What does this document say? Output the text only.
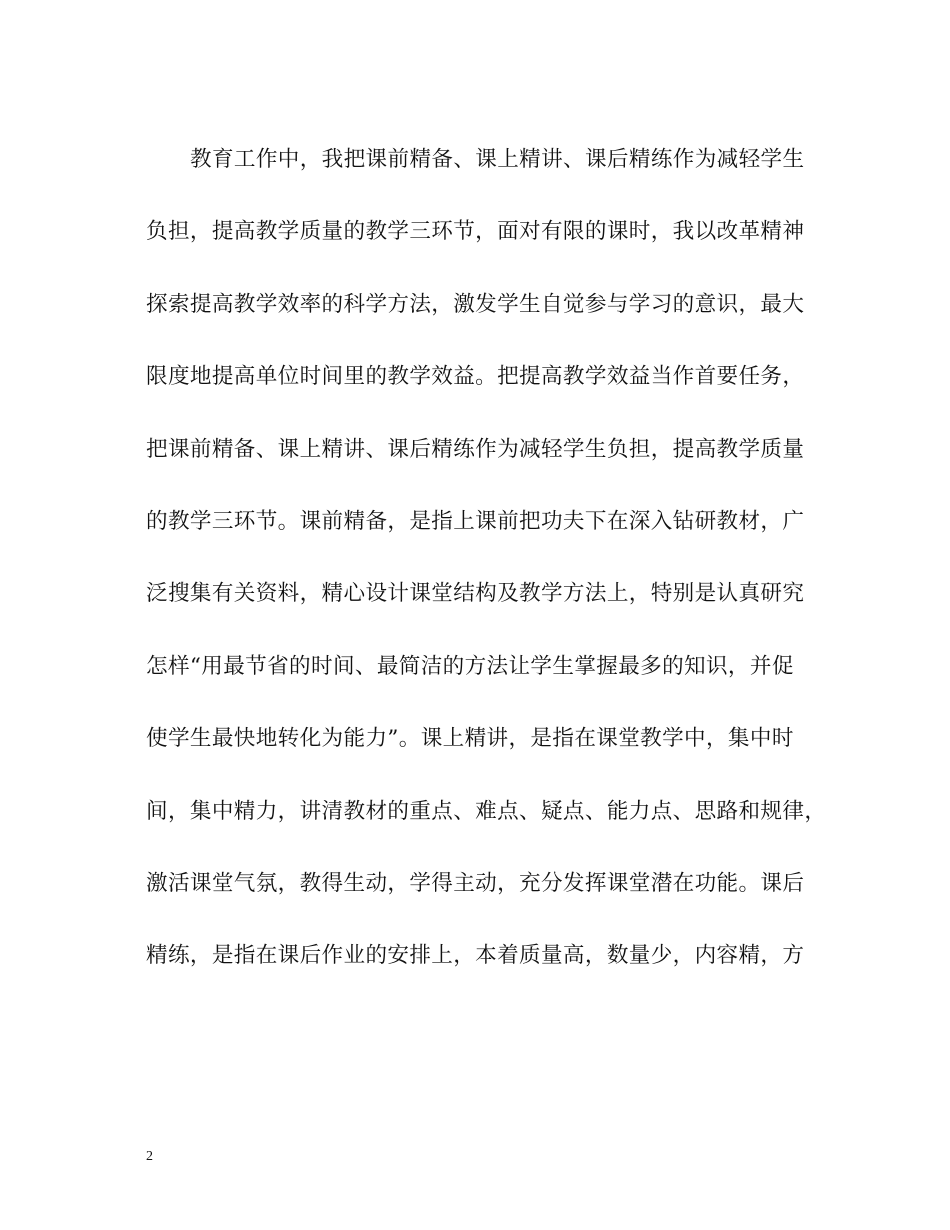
教育工作中，我把课前精备、课上精讲、课后精练作为减轻学生
负担，提高教学质量的教学三环节，面对有限的课时，我以改革精神
探索提高教学效率的科学方法，激发学生自觉参与学习的意识，最大
限度地提高单位时间里的教学效益。把提高教学效益当作首要任务，
把课前精备、课上精讲、课后精练作为减轻学生负担，提高教学质量
的教学三环节。课前精备，是指上课前把功夫下在深入钻研教材，广
泛搜集有关资料，精心设计课堂结构及教学方法上，特别是认真研究
怎样“用最节省的时间、最简洁的方法让学生掌握最多的知识，并促
使学生最快地转化为能力”。课上精讲，是指在课堂教学中，集中时
间，集中精力，讲清教材的重点、难点、疑点、能力点、思路和规律，
激活课堂气氛，教得生动，学得主动，充分发挥课堂潜在功能。课后
精练，是指在课后作业的安排上，本着质量高，数量少，内容精，方
2
